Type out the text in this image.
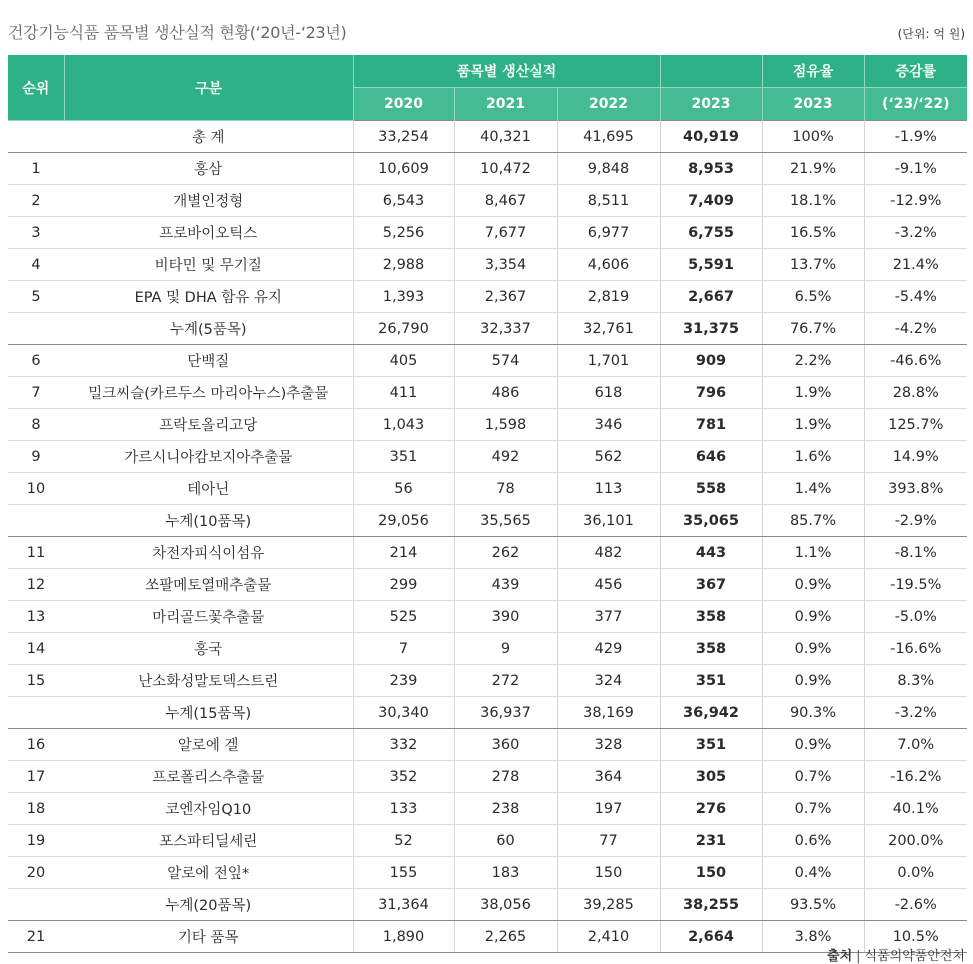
건강기능식품 품목별 생산실적 현황(‘20년-‘23년)	(단위: 억 원)
순위	구분	품목별 생산실적				점유율	증감률
		2020	2021	2022	2023	2023	(‘23/‘22)
	총 계	33,254	40,321	41,695	40,919	100%	-1.9%
1	홍삼	10,609	10,472	9,848	8,953	21.9%	-9.1%
2	개별인정형	6,543	8,467	8,511	7,409	18.1%	-12.9%
3	프로바이오틱스	5,256	7,677	6,977	6,755	16.5%	-3.2%
4	비타민 및 무기질	2,988	3,354	4,606	5,591	13.7%	21.4%
5	EPA 및 DHA 함유 유지	1,393	2,367	2,819	2,667	6.5%	-5.4%
	누계(5품목)	26,790	32,337	32,761	31,375	76.7%	-4.2%
6	단백질	405	574	1,701	909	2.2%	-46.6%
7	밀크씨슬(카르두스 마리아누스)추출물	411	486	618	796	1.9%	28.8%
8	프락토올리고당	1,043	1,598	346	781	1.9%	125.7%
9	가르시니아캄보지아추출물	351	492	562	646	1.6%	14.9%
10	테아닌	56	78	113	558	1.4%	393.8%
	누계(10품목)	29,056	35,565	36,101	35,065	85.7%	-2.9%
11	차전자피식이섬유	214	262	482	443	1.1%	-8.1%
12	쏘팔메토열매추출물	299	439	456	367	0.9%	-19.5%
13	마리골드꽃추출물	525	390	377	358	0.9%	-5.0%
14	홍국	7	9	429	358	0.9%	-16.6%
15	난소화성말토덱스트린	239	272	324	351	0.9%	8.3%
	누계(15품목)	30,340	36,937	38,169	36,942	90.3%	-3.2%
16	알로에 겔	332	360	328	351	0.9%	7.0%
17	프로폴리스추출물	352	278	364	305	0.7%	-16.2%
18	코엔자임Q10	133	238	197	276	0.7%	40.1%
19	포스파티딜세린	52	60	77	231	0.6%	200.0%
20	알로에 전잎*	155	183	150	150	0.4%	0.0%
	누계(20품목)	31,364	38,056	39,285	38,255	93.5%	-2.6%
21	기타 품목	1,890	2,265	2,410	2,664	3.8%	10.5%
출처 | 식품의약품안전처
